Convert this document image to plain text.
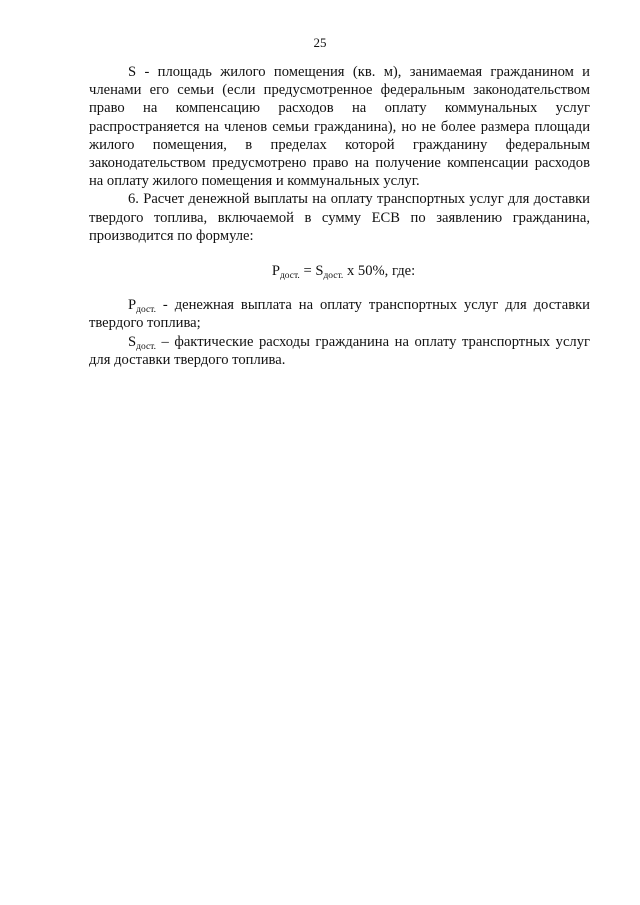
25

S - площадь жилого помещения (кв. м), занимаемая гражданином и членами его семьи (если предусмотренное федеральным законодательством право на компенсацию расходов на оплату коммунальных услуг распространяется на членов семьи гражданина), но не более размера площади жилого помещения, в пределах которой гражданину федеральным законодательством предусмотрено право на получение компенсации расходов на оплату жилого помещения и коммунальных услуг.

6. Расчет денежной выплаты на оплату транспортных услуг для доставки твердого топлива, включаемой в сумму ЕСВ по заявлению гражданина, производится по формуле:

$P_{дост.} = S_{дост.}$ x 50%, где:

$P_{дост.}$ - денежная выплата на оплату транспортных услуг для доставки твердого топлива;

$S_{дост.}$ – фактические расходы гражданина на оплату транспортных услуг для доставки твердого топлива.
